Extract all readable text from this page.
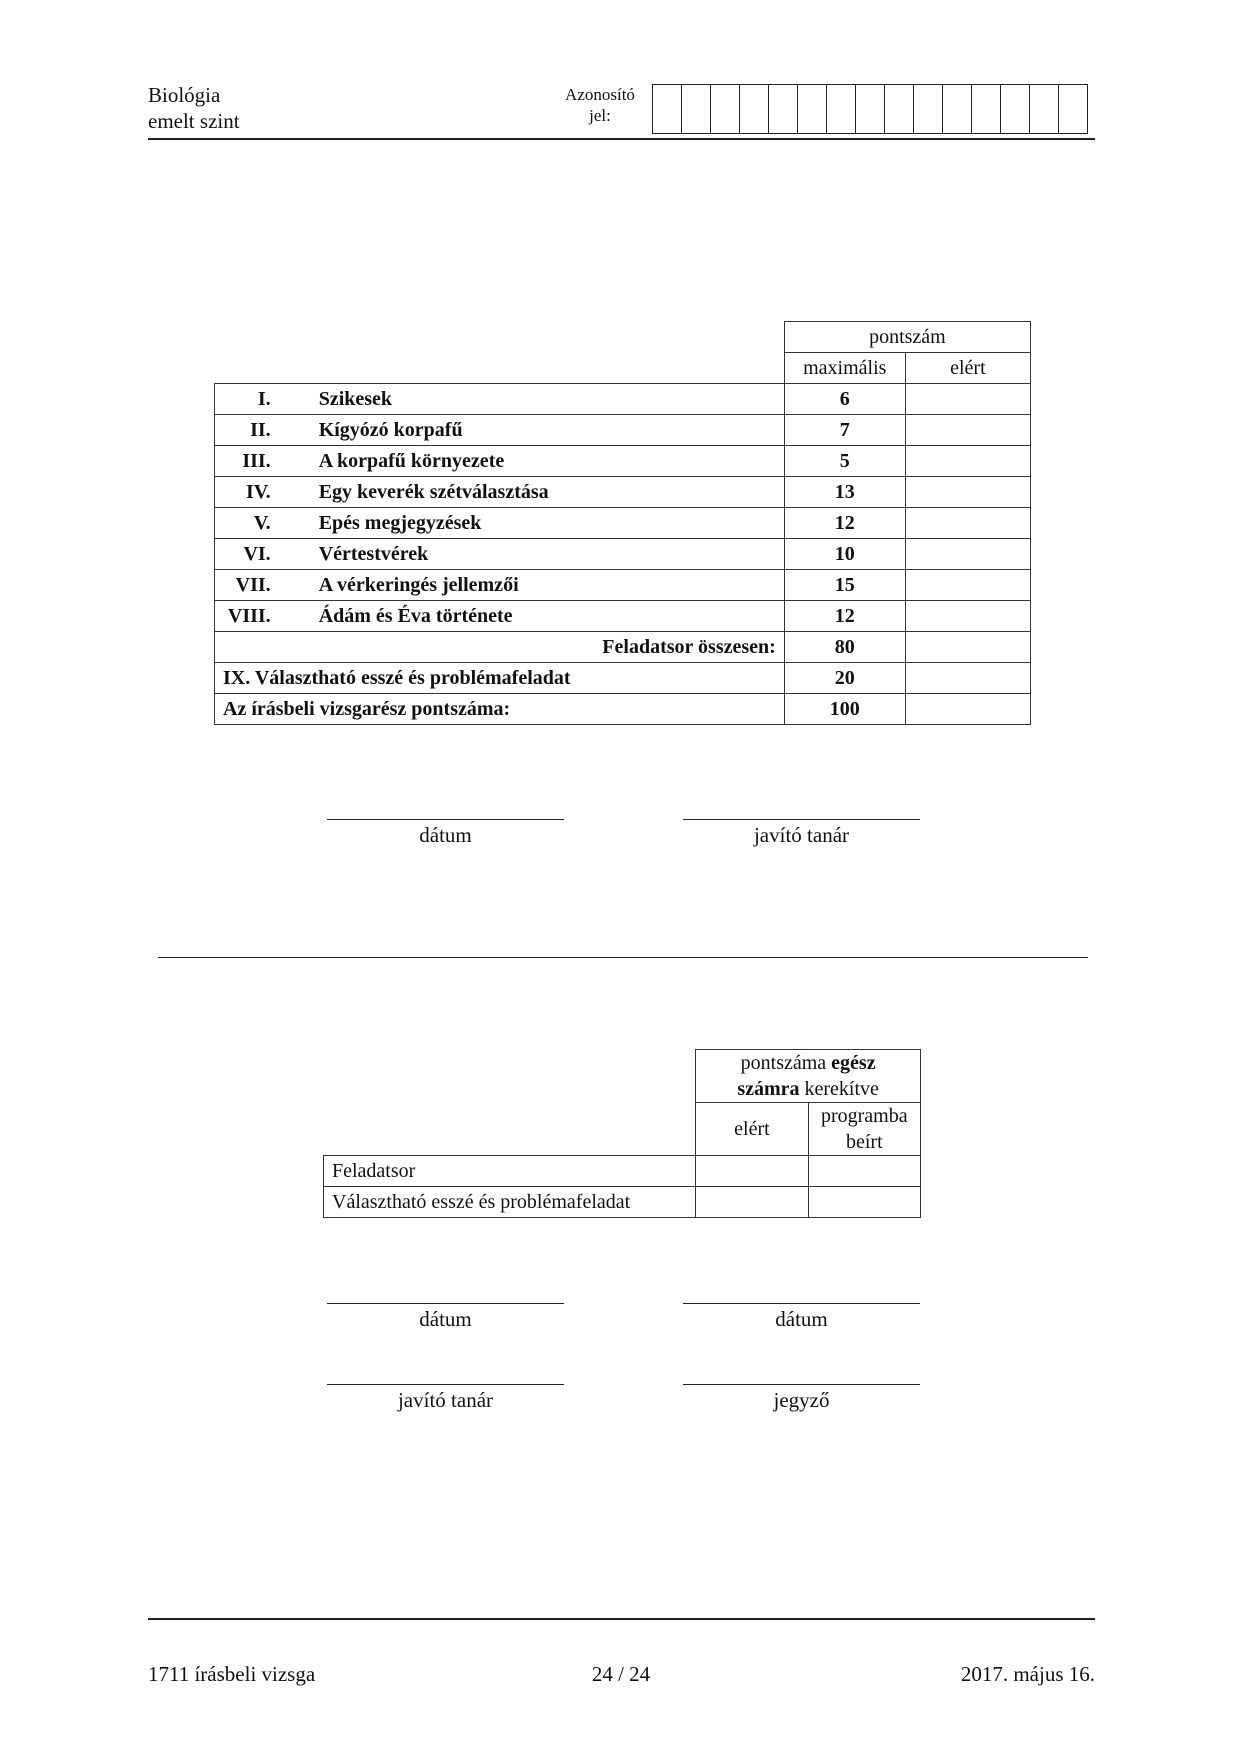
Biológia
emelt szint
Azonosító
jel:
		pontszám	
		maximális	elért
I.	Szikesek	6	
II.	Kígyózó korpafű	7	
III.	A korpafű környezete	5	
IV.	Egy keverék szétválasztása	13	
V.	Epés megjegyzések	12	
VI.	Vértestvérek	10	
VII.	A vérkeringés jellemzői	15	
VIII.	Ádám és Éva története	12	
Feladatsor összesen:		80	
IX. Választható esszé és problémafeladat		20	
Az írásbeli vizsgarész pontszáma:		100	
dátum	javító tanár
	pontszáma egész
számra kerekítve	
	elért	programba
beírt

Feladatsor		
Választható esszé és problémafeladat		
dátum	dátum
javító tanár	jegyző
1711 írásbeli vizsga	24 / 24	2017. május 16.
